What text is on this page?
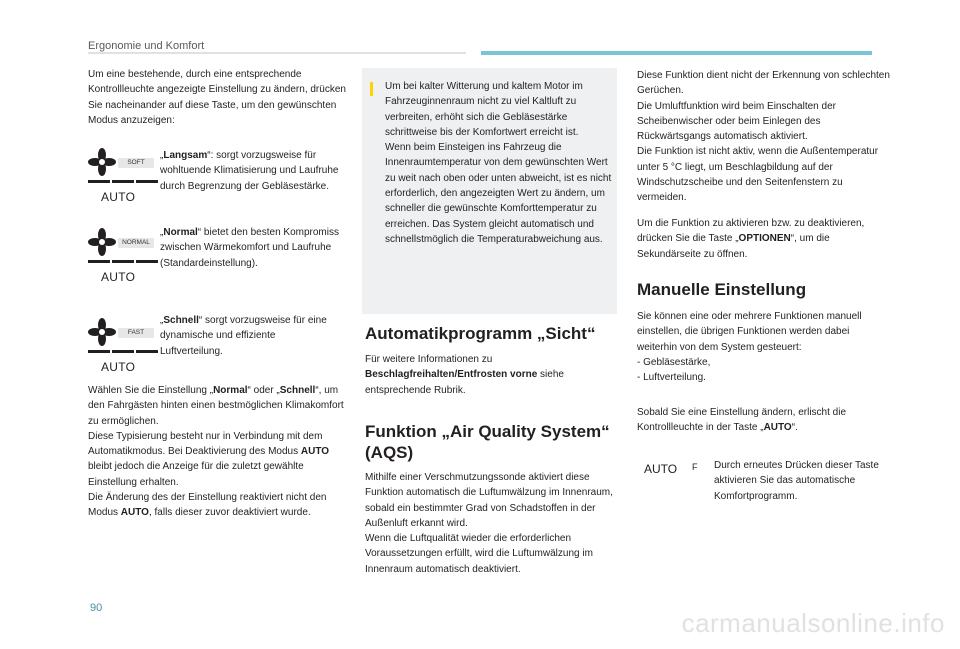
Ergonomie und Komfort
Um eine bestehende, durch eine entsprechende Kontrollleuchte angezeigte Einstellung zu ändern, drücken Sie nacheinander auf diese Taste, um den gewünschten Modus anzuzeigen:
SOFT
AUTO
„Langsam“: sorgt vorzugsweise für wohltuende Klimatisierung und Laufruhe durch Begrenzung der Gebläsestärke.
NORMAL
AUTO
„Normal“ bietet den besten Kompromiss zwischen Wärmekomfort und Laufruhe (Standardeinstellung).
FAST
AUTO
„Schnell“ sorgt vorzugsweise für eine dynamische und effiziente Luftverteilung.
Wählen Sie die Einstellung „Normal“ oder „Schnell“, um den Fahrgästen hinten einen bestmöglichen Klimakomfort zu ermöglichen.
Diese Typisierung besteht nur in Verbindung mit dem Automatikmodus. Bei Deaktivierung des Modus AUTO bleibt jedoch die Anzeige für die zuletzt gewählte Einstellung erhalten.
Die Änderung des der Einstellung reaktiviert nicht den Modus AUTO, falls dieser zuvor deaktiviert wurde.
Um bei kalter Witterung und kaltem Motor im Fahrzeuginnenraum nicht zu viel Kaltluft zu verbreiten, erhöht sich die Gebläsestärke schrittweise bis der Komfortwert erreicht ist.
Wenn beim Einsteigen ins Fahrzeug die Innenraumtemperatur von dem gewünschten Wert zu weit nach oben oder unten abweicht, ist es nicht erforderlich, den angezeigten Wert zu ändern, um schneller die gewünschte Komforttemperatur zu erreichen. Das System gleicht automatisch und schnellstmöglich die Temperaturabweichung aus.
Automatikprogramm „Sicht“
Für weitere Informationen zu Beschlagfreihalten/Entfrosten vorne siehe entsprechende Rubrik.
Funktion „Air Quality System“ (AQS)
Mithilfe einer Verschmutzungssonde aktiviert diese Funktion automatisch die Luftumwälzung im Innenraum, sobald ein bestimmter Grad von Schadstoffen in der Außenluft erkannt wird.
Wenn die Luftqualität wieder die erforderlichen Voraussetzungen erfüllt, wird die Luftumwälzung im Innenraum automatisch deaktiviert.
Diese Funktion dient nicht der Erkennung von schlechten Gerüchen.
Die Umluftfunktion wird beim Einschalten der Scheibenwischer oder beim Einlegen des Rückwärtsgangs automatisch aktiviert.
Die Funktion ist nicht aktiv, wenn die Außentemperatur unter 5 °C liegt, um Beschlagbildung auf der Windschutzscheibe und den Seitenfenstern zu vermeiden.
Um die Funktion zu aktivieren bzw. zu deaktivieren, drücken Sie die Taste „OPTIONEN“, um die Sekundärseite zu öffnen.
Manuelle Einstellung
Sie können eine oder mehrere Funktionen manuell einstellen, die übrigen Funktionen werden dabei weiterhin von dem System gesteuert:
- Gebläsestärke,
- Luftverteilung.
Sobald Sie eine Einstellung ändern, erlischt die Kontrollleuchte in der Taste „AUTO“.
AUTO F Durch erneutes Drücken dieser Taste aktivieren Sie das automatische Komfortprogramm.
90	carmanualsonline.info
